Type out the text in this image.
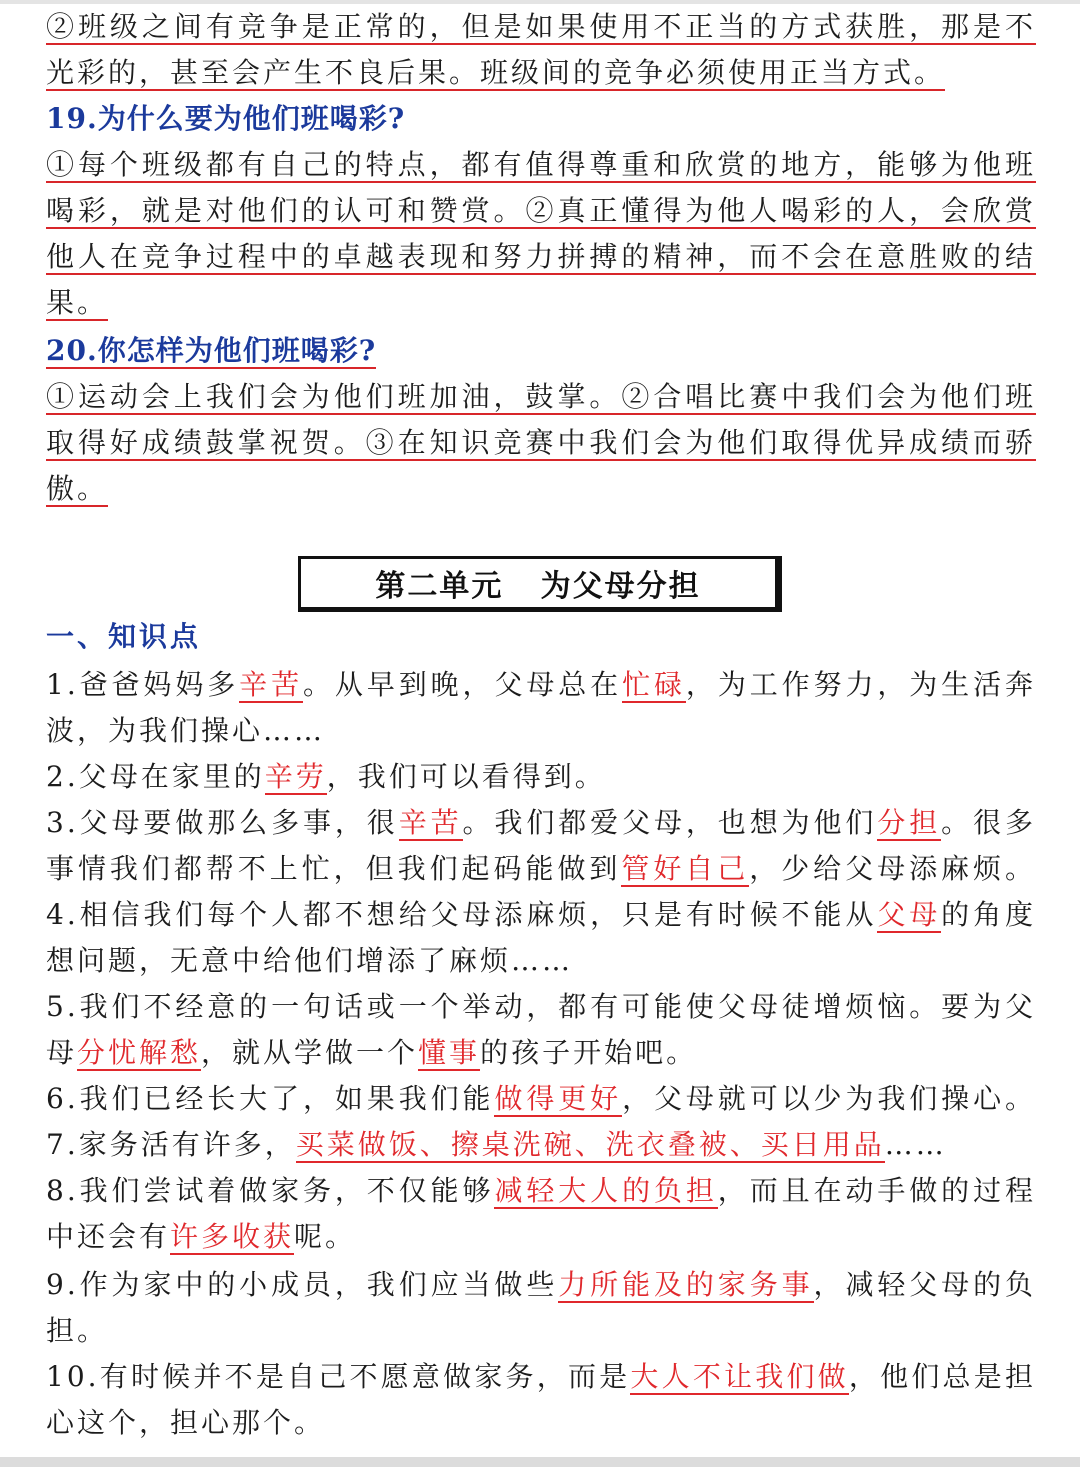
②班级之间有竞争是正常的，但是如果使用不正当的方式获胜，那是不
光彩的，甚至会产生不良后果。班级间的竞争必须使用正当方式。
19.为什么要为他们班喝彩?
①每个班级都有自己的特点，都有值得尊重和欣赏的地方，能够为他班
喝彩，就是对他们的认可和赞赏。②真正懂得为他人喝彩的人，会欣赏
他人在竞争过程中的卓越表现和努力拼搏的精神，而不会在意胜败的结
果。
20.你怎样为他们班喝彩?
①运动会上我们会为他们班加油，鼓掌。②合唱比赛中我们会为他们班
取得好成绩鼓掌祝贺。③在知识竞赛中我们会为他们取得优异成绩而骄
傲。
第二单元   为父母分担
一、知识点
1.爸爸妈妈多辛苦。从早到晚，父母总在忙碌，为工作努力，为生活奔
波，为我们操心……
2.父母在家里的辛劳，我们可以看得到。
3.父母要做那么多事，很辛苦。我们都爱父母，也想为他们分担。很多
事情我们都帮不上忙，但我们起码能做到管好自己，少给父母添麻烦。
4.相信我们每个人都不想给父母添麻烦，只是有时候不能从父母的角度
想问题，无意中给他们增添了麻烦……
5.我们不经意的一句话或一个举动，都有可能使父母徒增烦恼。要为父
母分忧解愁，就从学做一个懂事的孩子开始吧。
6.我们已经长大了，如果我们能做得更好，父母就可以少为我们操心。
7.家务活有许多，买菜做饭、擦桌洗碗、洗衣叠被、买日用品……
8.我们尝试着做家务，不仅能够减轻大人的负担，而且在动手做的过程
中还会有许多收获呢。
9.作为家中的小成员，我们应当做些力所能及的家务事，减轻父母的负
担。
10.有时候并不是自己不愿意做家务，而是大人不让我们做，他们总是担
心这个，担心那个。
